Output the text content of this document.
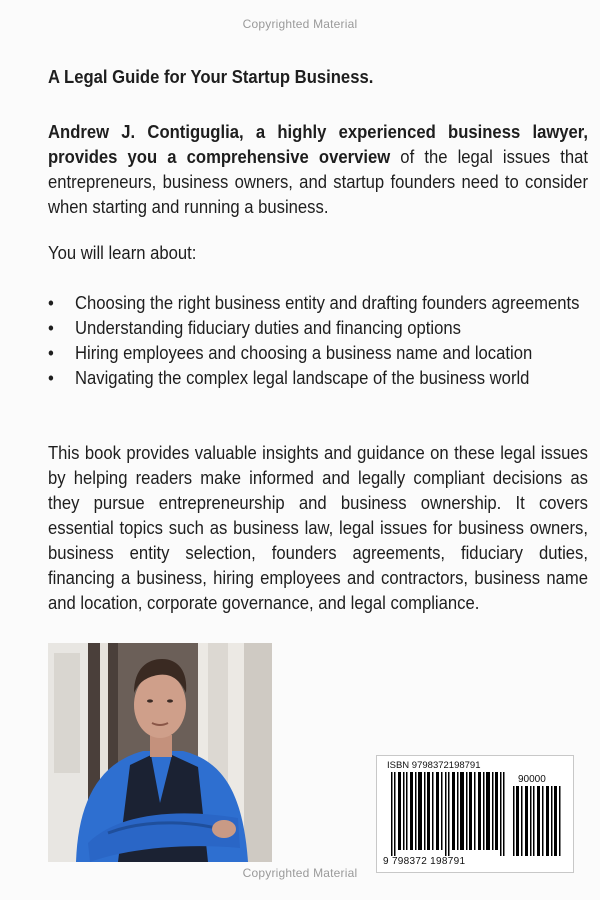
Copyrighted Material
A Legal Guide for Your Startup Business.
Andrew J. Contiguglia, a highly experienced business lawyer, provides you a comprehensive overview of the legal issues that entrepreneurs, business owners, and startup founders need to consider when starting and running a business.
You will learn about:
•	Choosing the right business entity and drafting founders agreements
•	Understanding fiduciary duties and financing options
•	Hiring employees and choosing a business name and location
•	Navigating the complex legal landscape of the business world
This book provides valuable insights and guidance on these legal issues by helping readers make informed and legally compliant decisions as they pursue entrepreneurship and business ownership. It covers essential topics such as business law, legal issues for business owners, business entity selection, founders agreements, fiduciary duties, financing a business, hiring employees and contractors, business name and location, corporate governance, and legal compliance.
ISBN 9798372198791
90000
9 798372 198791
Copyrighted Material
